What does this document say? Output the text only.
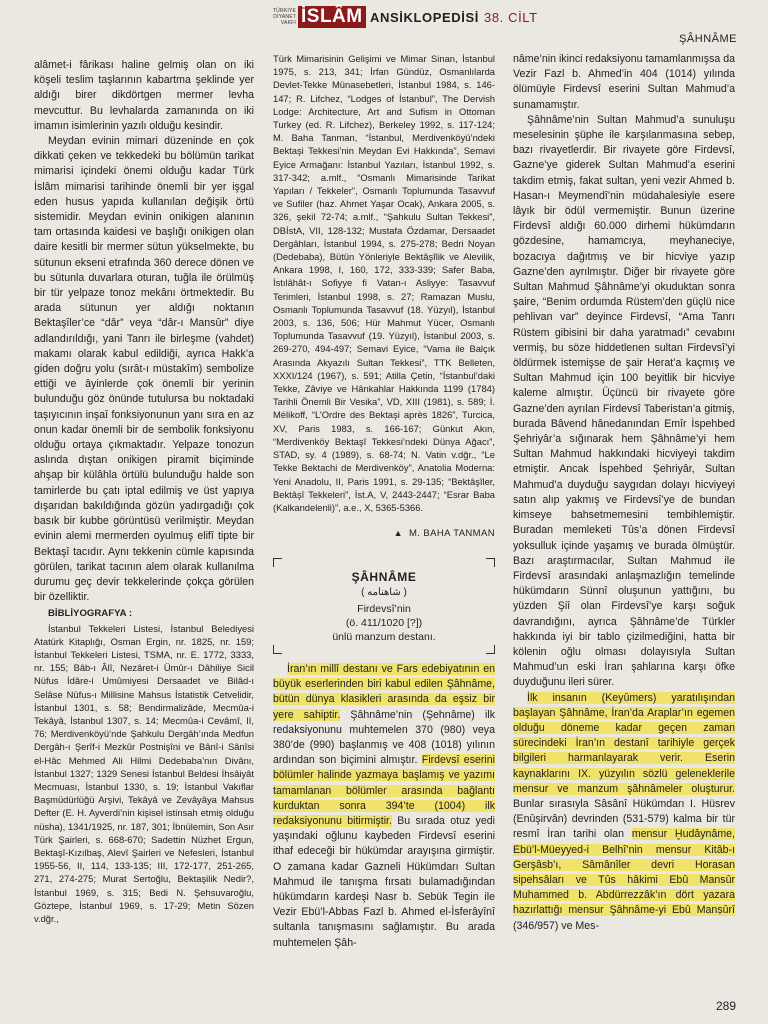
TÜRKİYE DİYANET VAKFI İSLÂM ANSİKLOPEDİSİ 38. CİLT
ŞÂHNÂME

alâmet-i fârikası haline gelmiş olan on iki köşeli teslim taşlarının kabartma şeklinde yer aldığı birer dikdörtgen mermer levha mevcuttur. Bu levhalarda zamanında on iki imamın isimlerinin yazılı olduğu kesindir.

Meydan evinin mimari düzeninde en çok dikkati çeken ve tekkedeki bu bölümün tarikat mimarisi içindeki önemi olduğu kadar Türk İslâm mimarisi tarihinde önemli bir yer işgal eden husus yapıda kullanılan değişik örtü sistemidir. Meydan evinin onikigen alanının tam ortasında kaidesi ve başlığı onikigen olan daire kesitli bir mermer sütun yükselmekte, bu sütunun ekseni etrafında 360 derece dönen ve bu sütunla duvarlara oturan, tuğla ile örülmüş bir tür yelpaze tonoz mekânı örtmektedir. Bu arada sütunun yer aldığı noktanın Bektaşîler’ce “dâr” veya “dâr-ı Mansûr” diye adlandırıldığı, yani Tanrı ile birleşme (vahdet) makamı olarak kabul edildiği, ayrıca Hakk’a giden doğru yolu (sırât-ı müstakîm) sembolize ettiği ve âyinlerde çok önemli bir yerinin bulunduğu göz önünde tutulursa bu noktadaki taşıyıcının inşaî fonksiyonunun yanı sıra en az onun kadar önemli bir de sembolik fonksiyonu olduğu ortaya çıkmaktadır. Yelpaze tonozun aslında dıştan onikigen piramit biçiminde ahşap bir külâhla örtülü bulunduğu halde son tamirlerde bu çatı iptal edilmiş ve üst yapıya dışarıdan bakıldığında gözün yadırgadığı çok basık bir kubbe görüntüsü verilmiştir. Meydan evinin alemi mermerden oyulmuş elifî tipte bir Bektaşî tacıdır. Aynı tekkenin cümle kapısında görülen, tarikat tacının alem olarak kullanılma durumu geç devir tekkelerinde çokça görülen bir özelliktir.

BİBLİYOGRAFYA :

İstanbul Tekkeleri Listesi, İstanbul Belediyesi Atatürk Kitaplığı, Osman Ergin, nr. 1825, nr. 159; İstanbul Tekkeleri Listesi, TSMA, nr. E. 1772, 3333, nr. 155; Bâb-ı Âlî, Nezâret-i Ümûr-ı Dâhiliye Sicil Nüfus İdâre-i Umûmiyesi Dersaadet ve Bilâd-ı Selâse Nüfus-ı Millisine Mahsus İstatistik Cetvelidir, İstanbul 1301, s. 58; Bendirmalizâde, Mecmûa-i Tekâyâ, İstanbul 1307, s. 14; Mecmûa-i Cevâmî, II, 76; Merdivenköyü’nde Şahkulu Dergâh’ında Medfun Dergâh-ı Şerîf-i Mezkûr Postnişîni ve Bânî-i Sânîsi el-Hâc Mehmed Ali Hilmi Dedebaba’nın Divânı, İstanbul 1327; 1329 Senesi İstanbul Beldesi İhsâiyât Mecmuası, İstanbul 1330, s. 19; İstanbul Vakıflar Başmüdürlüğü Arşivi, Tekâyâ ve Zevâyâya Mahsus Defter (E. H. Ayverdi’nin kişisel istinsah etmiş olduğu nüsha), 1341/1925, nr. 187, 301; İbnülemin, Son Asır Türk Şairleri, s. 668-670; Sadettin Nüzhet Ergun, Bektaşî-Kızılbaş, Alevî Şairleri ve Nefesleri, İstanbul 1955-56, II, 114, 133-135; III, 172-177, 251-265, 271, 274-275; Murat Sertoğlu, Bektaşilik Nedir?, İstanbul 1969, s. 315; Bedi N. Şehsuvaroğlu, Göztepe, İstanbul 1969, s. 17-29; Metin Sözen v.dğr.,

Türk Mimarisinin Gelişimi ve Mimar Sinan, İstanbul 1975, s. 213, 341; İrfan Gündüz, Osmanlılarda Devlet-Tekke Münasebetleri, İstanbul 1984, s. 146-147; R. Lifchez, “Lodges of İstanbul”, The Dervish Lodge: Architecture, Art and Sufism in Ottoman Turkey (ed. R. Lifchez), Berkeley 1992, s. 117-124; M. Baha Tanman, “İstanbul, Merdivenköyü’ndeki Bektaşi Tekkesi’nin Meydan Evi Hakkında”, Semavi Eyice Armağanı: İstanbul Yazıları, İstanbul 1992, s. 317-342; a.mlf., “Osmanlı Mimarisinde Tarikat Yapıları / Tekkeler”, Osmanlı Toplumunda Tasavvuf ve Sufiler (haz. Ahmet Yaşar Ocak), Ankara 2005, s. 326, şekil 72-74; a.mlf., “Şahkulu Sultan Tekkesi”, DBİstA, VII, 128-132; Mustafa Özdamar, Dersaadet Dergâhları, İstanbul 1994, s. 275-278; Bedri Noyan (Dedebaba), Bütün Yönleriyle Bektâşîlik ve Alevilik, Ankara 1998, I, 160, 172, 333-339; Safer Baba, İstılâhât-ı Sofiyye fi Vatan-ı Asliyye: Tasavvuf Terimleri, İstanbul 1998, s. 27; Ramazan Muslu, Osmanlı Toplumunda Tasavvuf (18. Yüzyıl), İstanbul 2003, s. 136, 506; Hür Mahmut Yücer, Osmanlı Toplumunda Tasavvuf (19. Yüzyıl), İstanbul 2003, s. 269-270, 494-497; Semavi Eyice, “Vama ile Balçık Arasında Akyazılı Sultan Tekkesi”, TTK Belleten, XXXI/124 (1967), s. 591; Atilla Çetin, “İstanbul’daki Tekke, Zâviye ve Hânkahlar Hakkında 1199 (1784) Tarihli Önemli Bir Vesika”, VD, XIII (1981), s. 589; İ. Mélikoff, “L’Ordre des Bektaşi après 1826”, Turcica, XV, Paris 1983, s. 166-167; Günkut Akın, “Merdivenköy Bektaşî Tekkesi’ndeki Dünya Ağacı”, STAD, sy. 4 (1989), s. 68-74; N. Vatin v.dğr., “Le Tekke Bektachi de Merdivenköy”, Anatolia Moderna: Yeni Anadolu, II, Paris 1991, s. 29-135; “Bektâşîler, Bektâşî Tekkeleri”, İst.A, V, 2443-2447; “Esrar Baba (Kalkandelenli)”, a.e., X, 5365-5366.

▲ M. BAHA TANMAN
ŞÂHNÂME
( شاهنامه )
Firdevsî’nin
(ö. 411/1020 [?])
ünlü manzum destanı.

İran’ın millî destanı ve Fars edebiyatının en büyük eserlerinden biri kabul edilen Şâhnâme, bütün dünya klasikleri arasında da eşsiz bir yere sahiptir. Şâhnâme’nin (Şehnâme) ilk redaksiyonunu muhtemelen 370 (980) veya 380’de (990) başlanmış ve 408 (1018) yılının ardından son biçimini almıştır. Firdevsî eserini bölümler halinde yazmaya başlamış ve yazımı tamamlanan bölümler arasında bağlantı kurduktan sonra 394’te (1004) ilk redaksiyonunu bitirmiştir. Bu sırada otuz yedi yaşındaki oğlunu kaybeden Firdevsî eserini ithaf edeceği bir hükümdar arayışına girmiştir. O zamana kadar Gazneli Hükümdarı Sultan Mahmud ile tanışma fırsatı bulamadığından hükümdarın kardeşi Nasr b. Sebük Tegin ile Vezir Ebü’l-Abbas Fazl b. Ahmed el-İsferâyînî sultanla tanışmasını sağlamıştır. Bu arada muhtemelen Şâh-

nâme’nin ikinci redaksiyonu tamamlanmışsa da Vezir Fazl b. Ahmed’in 404 (1014) yılında ölümüyle Firdevsî eserini Sultan Mahmud’a sunamamıştır.

Şâhnâme’nin Sultan Mahmud’a sunuluşu meselesinin şüphe ile karşılanmasına sebep, bazı rivayetlerdir. Bir rivayete göre Firdevsî, Gazne’ye giderek Sultan Mahmud’a eserini takdim etmiş, fakat sultan, yeni vezir Ahmed b. Hasan-ı Meymendî’nin müdahalesiyle esere lâyık bir ödül vermemiştir. Bunun üzerine Firdevsî aldığı 60.000 dirhemi hükümdarın gözdesine, hamamcıya, meyhaneciye, bozacıya dağıtmış ve bir hicviye yazıp Gazne’den ayrılmıştır. Diğer bir rivayete göre Sultan Mahmud Şâhnâme’yi okuduktan sonra şaire, “Benim ordumda Rüstem’den güçlü nice pehlivan var” deyince Firdevsî, “Ama Tanrı Rüstem gibisini bir daha yaratmadı” cevabını vermiş, bu söze hiddetlenen sultan Firdevsî’yi öldürmek istemişse de şair Herat’a kaçmış ve Sultan Mahmud için 100 beyitlik bir hicviye kaleme almıştır. Üçüncü bir rivayete göre Gazne’den ayrılan Firdevsî Taberistan’a gitmiş, burada Bâvend hânedanından Emîr İspehbed Şehriyâr’a sığınarak hem Şâhnâme’yi hem Sultan Mahmud hakkındaki hicviyeyi takdim etmiştir. Ancak İspehbed Şehriyâr, Sultan Mahmud’a duyduğu saygıdan dolayı hicviyeyi satın alıp yakmış ve Firdevsî’ye de bundan kimseye bahsetmemesini tembihlemiştir. Buradan memleketi Tûs’a dönen Firdevsî yoksulluk içinde yaşamış ve burada ölmüştür. Bazı araştırmacılar, Sultan Mahmud ile Firdevsî arasındaki anlaşmazlığın temelinde hükümdarın Sünnî oluşunun yattığını, bu yüzden Şiî olan Firdevsî’ye karşı soğuk davrandığını, ayrıca Şâhnâme’de Türkler hakkında iyi bir tablo çizilmediğini, hatta bir kölenin oğlu olması dolayısıyla Sultan Mahmud’un eski İran şahlarına karşı öfke duyduğunu ileri sürer.

İlk insanın (Keyûmers) yaratılışından başlayan Şâhnâme, İran’da Araplar’ın egemen olduğu döneme kadar geçen zaman sürecindeki İran’ın destanî tarihiyle gerçek bilgileri harmanlayarak verir. Eserin kaynaklarını IX. yüzyılın sözlü geleneklerile mensur ve manzum şâhnâmeler oluşturur. Bunlar sırasıyla Sâsânî Hükümdarı I. Hüsrev (Enûşirvân) devrinden (531-579) kalma bir tür resmî İran tarihi olan mensur Ḫudâynâme, Ebü’l-Müeyyed-i Belhî’nin mensur Kitâb-ı Gerşâsb’ı, Sâmânîler devri Horasan sipehsâları ve Tûs hâkimi Ebû Mansûr Muhammed b. Abdürrezzâk’ın dört yazara hazırlattığı mensur Şâhnâme-yi Ebû Manṣûrî (346/957) ve Mes-

289
